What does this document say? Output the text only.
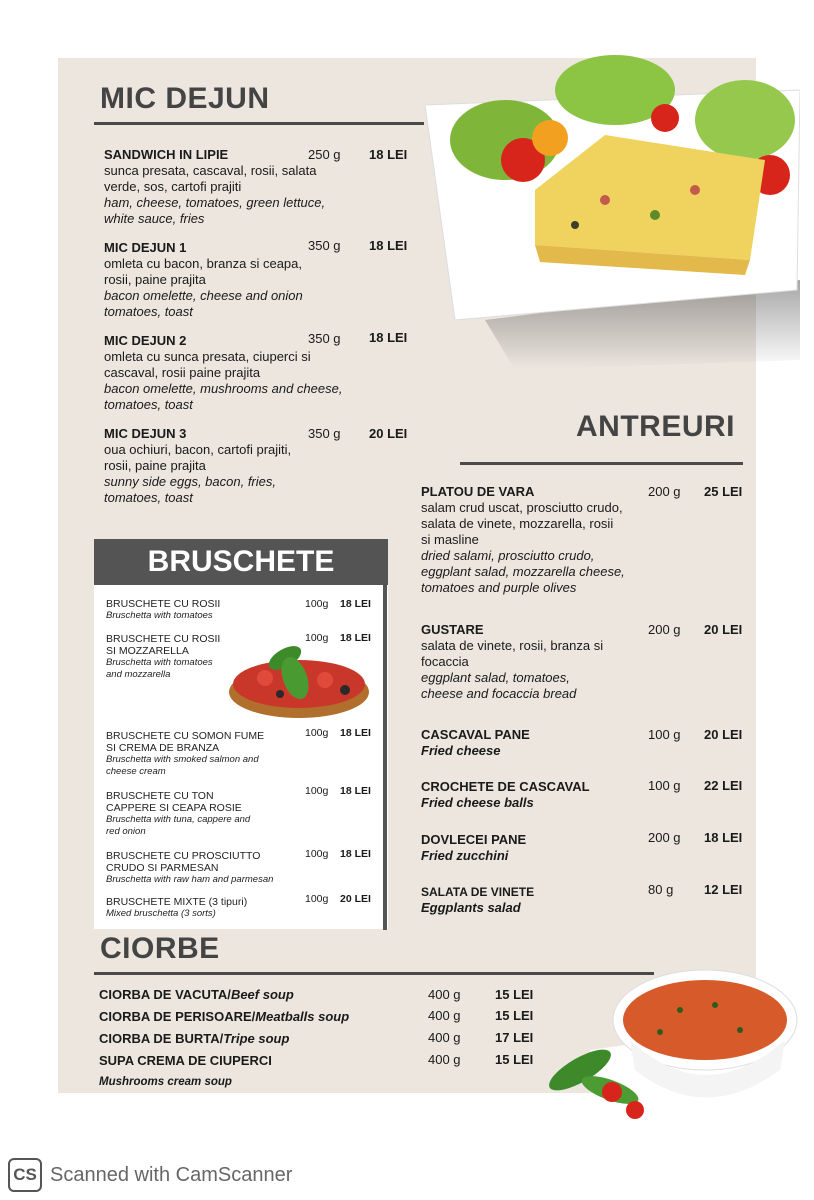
MIC DEJUN
SANDWICH IN LIPIE
sunca presata, cascaval, rosii, salata verde, sos, cartofi prajiti
ham, cheese, tomatoes, green lettuce, white sauce, fries
250 g 18 LEI
MIC DEJUN 1
omleta cu bacon, branza si ceapa, rosii, paine prajita
bacon omelette, cheese and onion tomatoes, toast
350 g 18 LEI
MIC DEJUN 2
omleta cu sunca presata, ciuperci si cascaval, rosii paine prajita
bacon omelette, mushrooms and cheese, tomatoes, toast
350 g 18 LEI
MIC DEJUN 3
oua ochiuri, bacon, cartofi prajiti, rosii, paine prajita
sunny side eggs, bacon, fries, tomatoes, toast
350 g 20 LEI	ANTREURI
PLATOU DE VARA
salam crud uscat, prosciutto crudo, salata de vinete, mozzarella, rosii si masline
dried salami, prosciutto crudo, eggplant salad, mozzarella cheese, tomatoes and purple olives
200 g 25 LEI
GUSTARE
salata de vinete, rosii, branza si focaccia
eggplant salad, tomatoes, cheese and focaccia bread
200 g 20 LEI
CASCAVAL PANE
Fried cheese
100 g 20 LEI
CROCHETE DE CASCAVAL
Fried cheese balls
100 g 22 LEI
DOVLECEI PANE
Fried zucchini
200 g 18 LEI
SALATA DE VINETE
Eggplants salad
80 g 12 LEI
BRUSCHETE
BRUSCHETE CU ROSII
Bruschetta with tomatoes
100g 18 LEI
BRUSCHETE CU ROSII SI MOZZARELLA
Bruschetta with tomatoes and mozzarella
100g 18 LEI
BRUSCHETE CU SOMON FUME SI CREMA DE BRANZA
Bruschetta with smoked salmon and cheese cream
100g 18 LEI
BRUSCHETE CU TON CAPPERE SI CEAPA ROSIE
Bruschetta with tuna, cappere and red onion
100g 18 LEI
BRUSCHETE CU PROSCIUTTO CRUDO SI PARMESAN
Bruschetta with raw ham and parmesan
100g 18 LEI
BRUSCHETE MIXTE (3 tipuri)
Mixed bruschetta (3 sorts)
100g 20 LEI
CIORBE
CIORBA DE VACUTA/Beef soup	400 g	15 LEI
CIORBA DE PERISOARE/Meatballs soup	400 g	15 LEI
CIORBA DE BURTA/Tripe soup	400 g	17 LEI
SUPA CREMA DE CIUPERCI
Mushrooms cream soup
400 g	15 LEI
CS Scanned with CamScanner
